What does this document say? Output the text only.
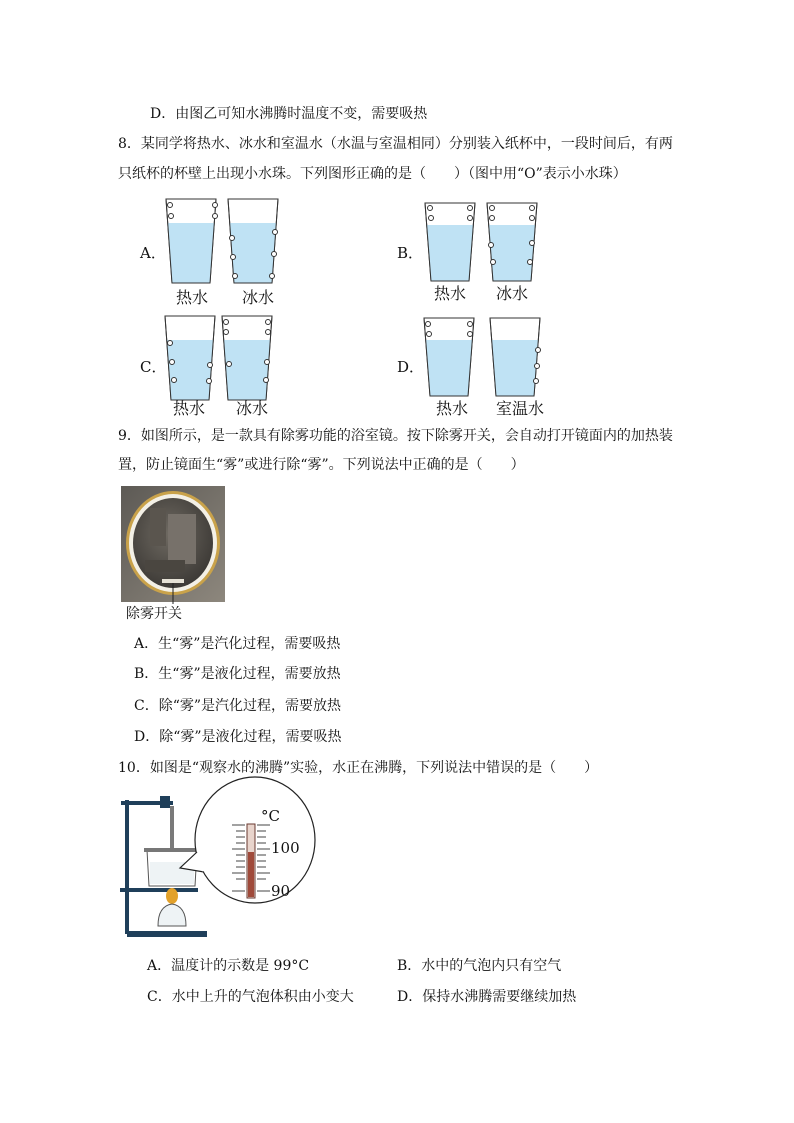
D．由图乙可知水沸腾时温度不变，需要吸热
8．某同学将热水、冰水和室温水（水温与室温相同）分别装入纸杯中，一段时间后，有两
只纸杯的杯壁上出现小水珠。下列图形正确的是（　　）（图中用“O”表示小水珠）
A．	B．
C．	D．
热水	冰水	热水	冰水
热水	冰水	热水	室温水
9．如图所示，是一款具有除雾功能的浴室镜。按下除雾开关，会自动打开镜面内的加热装
置，防止镜面生“雾”或进行除“雾”。下列说法中正确的是（　　）
除雾开关
A．生“雾”是汽化过程，需要吸热
B．生“雾”是液化过程，需要放热
C．除“雾”是汽化过程，需要放热
D．除“雾”是液化过程，需要吸热
10．如图是“观察水的沸腾”实验，水正在沸腾，下列说法中错误的是（　　）
°C
100
90
A．温度计的示数是 99°C	B．水中的气泡内只有空气
C．水中上升的气泡体积由小变大	D．保持水沸腾需要继续加热
